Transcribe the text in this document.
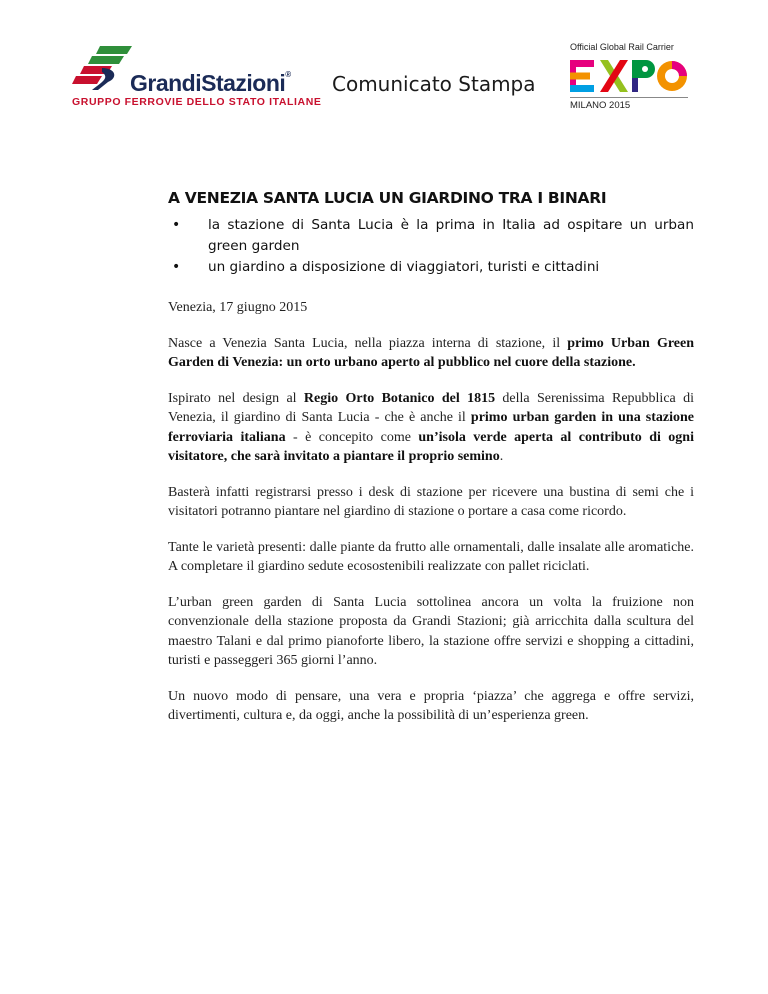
GrandiStazioni®
GRUPPO FERROVIE DELLO STATO ITALIANE
Comunicato Stampa
Official Global Rail Carrier
MILANO 2015
A VENEZIA SANTA LUCIA UN GIARDINO TRA I BINARI
• la stazione di Santa Lucia è la prima in Italia ad ospitare un urban green garden
• un giardino a disposizione di viaggiatori, turisti e cittadini

Venezia, 17 giugno 2015

Nasce a Venezia Santa Lucia, nella piazza interna di stazione, il primo Urban Green Garden di Venezia: un orto urbano aperto al pubblico nel cuore della stazione.

Ispirato nel design al Regio Orto Botanico del 1815 della Serenissima Repubblica di Venezia, il giardino di Santa Lucia - che è anche il primo urban garden in una stazione ferroviaria italiana - è concepito come un’isola verde aperta al contributo di ogni visitatore, che sarà invitato a piantare il proprio semino.

Basterà infatti registrarsi presso i desk di stazione per ricevere una bustina di semi che i visitatori potranno piantare nel giardino di stazione o portare a casa come ricordo.

Tante le varietà presenti: dalle piante da frutto alle ornamentali, dalle insalate alle aromatiche. A completare il giardino sedute ecosostenibili realizzate con pallet riciclati.

L’urban green garden di Santa Lucia sottolinea ancora un volta la fruizione non convenzionale della stazione proposta da Grandi Stazioni; già arricchita dalla scultura del maestro Talani e dal primo pianoforte libero, la stazione offre servizi e shopping a cittadini, turisti e passeggeri 365 giorni l’anno.

Un nuovo modo di pensare, una vera e propria ‘piazza’ che aggrega e offre servizi, divertimenti, cultura e, da oggi, anche la possibilità di un’esperienza green.
